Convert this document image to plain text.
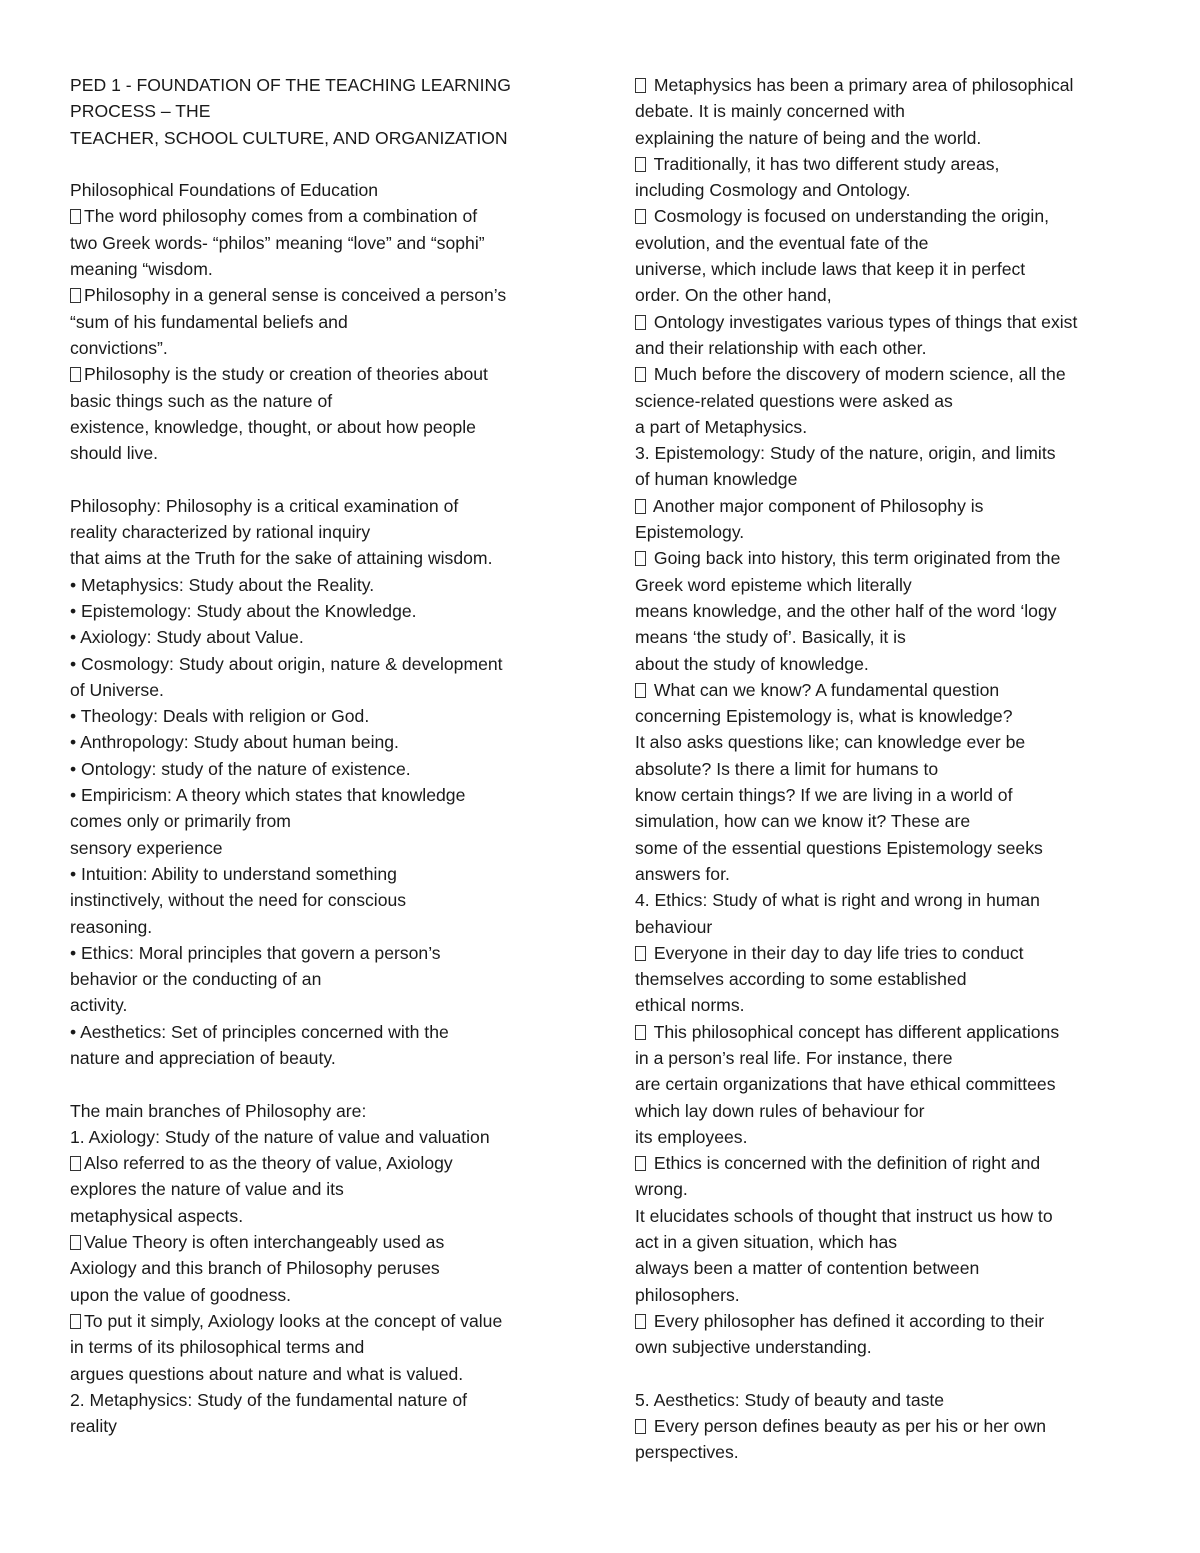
PED 1 - FOUNDATION OF THE TEACHING LEARNING
PROCESS – THE
TEACHER, SCHOOL CULTURE, AND ORGANIZATION
Philosophical Foundations of Education
The word philosophy comes from a combination of
two Greek words- “philos” meaning “love” and “sophi”
meaning “wisdom.
Philosophy in a general sense is conceived a person’s
“sum of his fundamental beliefs and
convictions”.
Philosophy is the study or creation of theories about
basic things such as the nature of
existence, knowledge, thought, or about how people
should live.
Philosophy: Philosophy is a critical examination of
reality characterized by rational inquiry
that aims at the Truth for the sake of attaining wisdom.
• Metaphysics: Study about the Reality.
• Epistemology: Study about the Knowledge.
• Axiology: Study about Value.
• Cosmology: Study about origin, nature & development
of Universe.
• Theology: Deals with religion or God.
• Anthropology: Study about human being.
• Ontology: study of the nature of existence.
• Empiricism: A theory which states that knowledge
comes only or primarily from
sensory experience
• Intuition: Ability to understand something
instinctively, without the need for conscious
reasoning.
• Ethics: Moral principles that govern a person’s
behavior or the conducting of an
activity.
• Aesthetics: Set of principles concerned with the
nature and appreciation of beauty.
The main branches of Philosophy are:
1. Axiology: Study of the nature of value and valuation
Also referred to as the theory of value, Axiology
explores the nature of value and its
metaphysical aspects.
Value Theory is often interchangeably used as
Axiology and this branch of Philosophy peruses
upon the value of goodness.
To put it simply, Axiology looks at the concept of value
in terms of its philosophical terms and
argues questions about nature and what is valued.
2. Metaphysics: Study of the fundamental nature of
reality
Metaphysics has been a primary area of philosophical
debate. It is mainly concerned with
explaining the nature of being and the world.
Traditionally, it has two different study areas,
including Cosmology and Ontology.
Cosmology is focused on understanding the origin,
evolution, and the eventual fate of the
universe, which include laws that keep it in perfect
order. On the other hand,
Ontology investigates various types of things that exist
and their relationship with each other.
Much before the discovery of modern science, all the
science-related questions were asked as
a part of Metaphysics.
3. Epistemology: Study of the nature, origin, and limits
of human knowledge
Another major component of Philosophy is
Epistemology.
Going back into history, this term originated from the
Greek word episteme which literally
means knowledge, and the other half of the word ‘logy
means ‘the study of’. Basically, it is
about the study of knowledge.
What can we know? A fundamental question
concerning Epistemology is, what is knowledge?
It also asks questions like; can knowledge ever be
absolute? Is there a limit for humans to
know certain things? If we are living in a world of
simulation, how can we know it? These are
some of the essential questions Epistemology seeks
answers for.
4. Ethics: Study of what is right and wrong in human
behaviour
Everyone in their day to day life tries to conduct
themselves according to some established
ethical norms.
This philosophical concept has different applications
in a person’s real life. For instance, there
are certain organizations that have ethical committees
which lay down rules of behaviour for
its employees.
Ethics is concerned with the definition of right and
wrong.
It elucidates schools of thought that instruct us how to
act in a given situation, which has
always been a matter of contention between
philosophers.
Every philosopher has defined it according to their
own subjective understanding.
5. Aesthetics: Study of beauty and taste
Every person defines beauty as per his or her own
perspectives.
